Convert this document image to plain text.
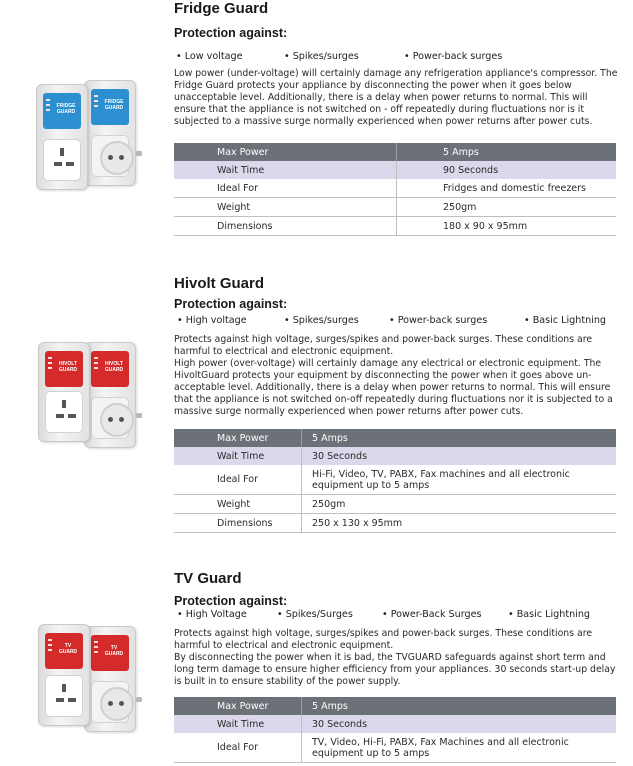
Fridge Guard
Protection against:
• Low voltage	• Spikes/surges	• Power-back surges

Low power (under-voltage) will certainly damage any refrigeration appliance's compressor. The Fridge Guard protects your appliance by disconnecting the power when it goes below unacceptable level. Additionally, there is a delay when power returns to normal. This will ensure that the appliance is not switched on - off repeatedly during fluctuations nor is it subjected to a massive surge normally experienced when power returns after power cuts.

Max Power	5 Amps
Wait Time	90 Seconds
Ideal For	Fridges and domestic freezers
Weight	250gm
Dimensions	180 x 90 x 95mm
FRIDGE GUARD
FRIDGE GUARD
Hivolt Guard
Protection against:
• High voltage	• Spikes/surges	• Power-back surges	• Basic Lightning

Protects against high voltage, surges/spikes and power-back surges. These conditions are harmful to electrical and electronic equipment.

High power (over-voltage) will certainly damage any electrical or electronic equipment. The HivoltGuard protects your equipment by disconnecting the power when it goes above un-acceptable level. Additionally, there is a delay when power returns to normal. This will ensure that the appliance is not switched on-off repeatedly during fluctuations nor it is subjected to a massive surge normally experienced when power returns after power cuts.

Max Power	5 Amps
Wait Time	30 Seconds
Ideal For	Hi-Fi, Video, TV, PABX, Fax machines and all electronic equipment up to 5 amps
Weight	250gm
Dimensions	250 x 130 x 95mm
HIVOLT GUARD
HIVOLT GUARD
TV Guard
Protection against:
• High Voltage	• Spikes/Surges	• Power-Back Surges	• Basic Lightning

Protects against high voltage, surges/spikes and power-back surges. These conditions are harmful to electrical and electronic equipment.

By disconnecting the power when it is bad, the TVGUARD safeguards against short term and long term damage to ensure higher efficiency from your appliances. 30 seconds start-up delay is built in to ensure stability of the power supply.

Max Power	5 Amps
Wait Time	30 Seconds
Ideal For	TV, Video, Hi-Fi, PABX, Fax Machines and all electronic equipment up to 5 amps
TV GUARD
TV GUARD
